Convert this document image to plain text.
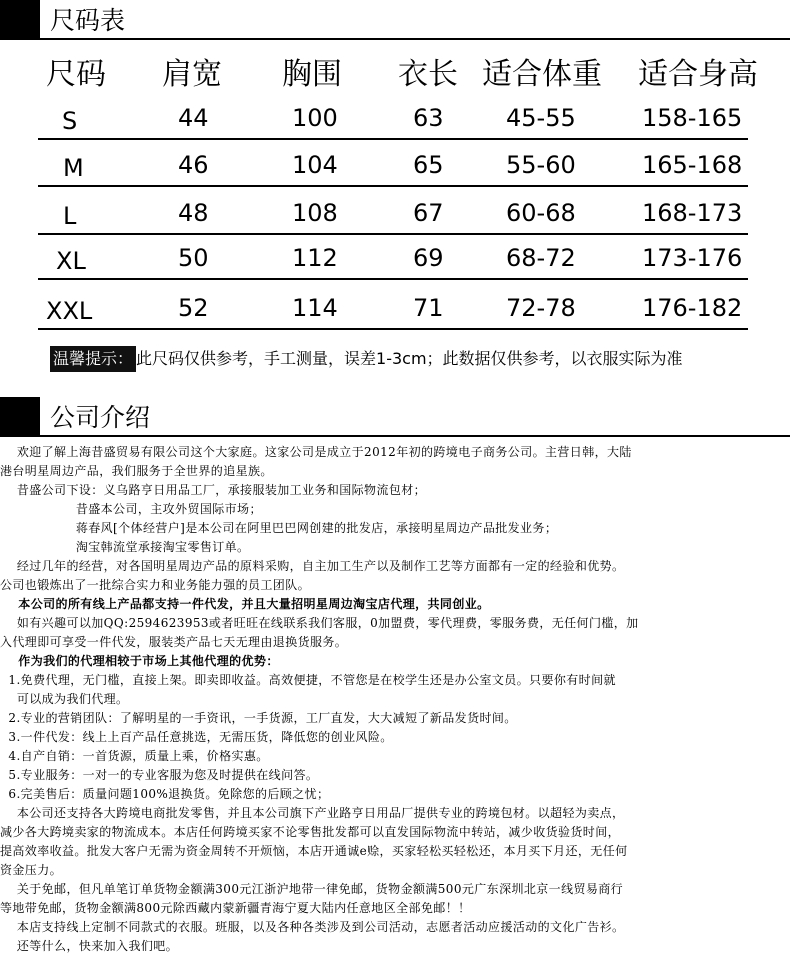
尺码表
尺码 肩宽 胸围 衣长 适合体重 适合身高
S	44	100	63	45-55	158-165
M	46	104	65	55-60	165-168
L	48	108	67	60-68	168-173
XL	50	112	69	68-72	173-176
XXL	52	114	71	72-78	176-182
温馨提示： 此尺码仅供参考，手工测量，误差1-3cm；此数据仅供参考，以衣服实际为准
公司介绍

欢迎了解上海昔盛贸易有限公司这个大家庭。这家公司是成立于2012年初的跨境电子商务公司。主营日韩，大陆

港台明星周边产品，我们服务于全世界的追星族。

昔盛公司下设：义乌路亨日用品工厂，承接服装加工业务和国际物流包材；

昔盛本公司，主攻外贸国际市场；

蒋春风[个体经营户]是本公司在阿里巴巴网创建的批发店，承接明星周边产品批发业务；

淘宝韩流堂承接淘宝零售订单。

经过几年的经营，对各国明星周边产品的原料采购，自主加工生产以及制作工艺等方面都有一定的经验和优势。

公司也锻炼出了一批综合实力和业务能力强的员工团队。

本公司的所有线上产品都支持一件代发，并且大量招明星周边淘宝店代理，共同创业。

如有兴趣可以加QQ:2594623953或者旺旺在线联系我们客服，0加盟费，零代理费，零服务费，无任何门槛，加

入代理即可享受一件代发，服装类产品七天无理由退换货服务。

作为我们的代理相较于市场上其他代理的优势：

1.免费代理，无门槛，直接上架。即卖即收益。高效便捷，不管您是在校学生还是办公室文员。只要你有时间就

可以成为我们代理。

2.专业的营销团队：了解明星的一手资讯，一手货源，工厂直发，大大减短了新品发货时间。

3.一件代发：线上上百产品任意挑选，无需压货，降低您的创业风险。

4.自产自销：一首货源，质量上乘，价格实惠。

5.专业服务：一对一的专业客服为您及时提供在线问答。

6.完美售后：质量问题100%退换货。免除您的后顾之忧；

本公司还支持各大跨境电商批发零售，并且本公司旗下产业路亨日用品厂提供专业的跨境包材。以超轻为卖点，

减少各大跨境卖家的物流成本。本店任何跨境买家不论零售批发都可以直发国际物流中转站，减少收货验货时间，

提高效率收益。批发大客户无需为资金周转不开烦恼，本店开通诚e赊，买家轻松买轻松还，本月买下月还，无任何

资金压力。

关于免邮，但凡单笔订单货物金额满300元江浙沪地带一律免邮，货物金额满500元广东深圳北京一线贸易商行

等地带免邮，货物金额满800元除西藏内蒙新疆青海宁夏大陆内任意地区全部免邮！！

本店支持线上定制不同款式的衣服。班服，以及各种各类涉及到公司活动，志愿者活动应援活动的文化广告衫。

还等什么，快来加入我们吧。
